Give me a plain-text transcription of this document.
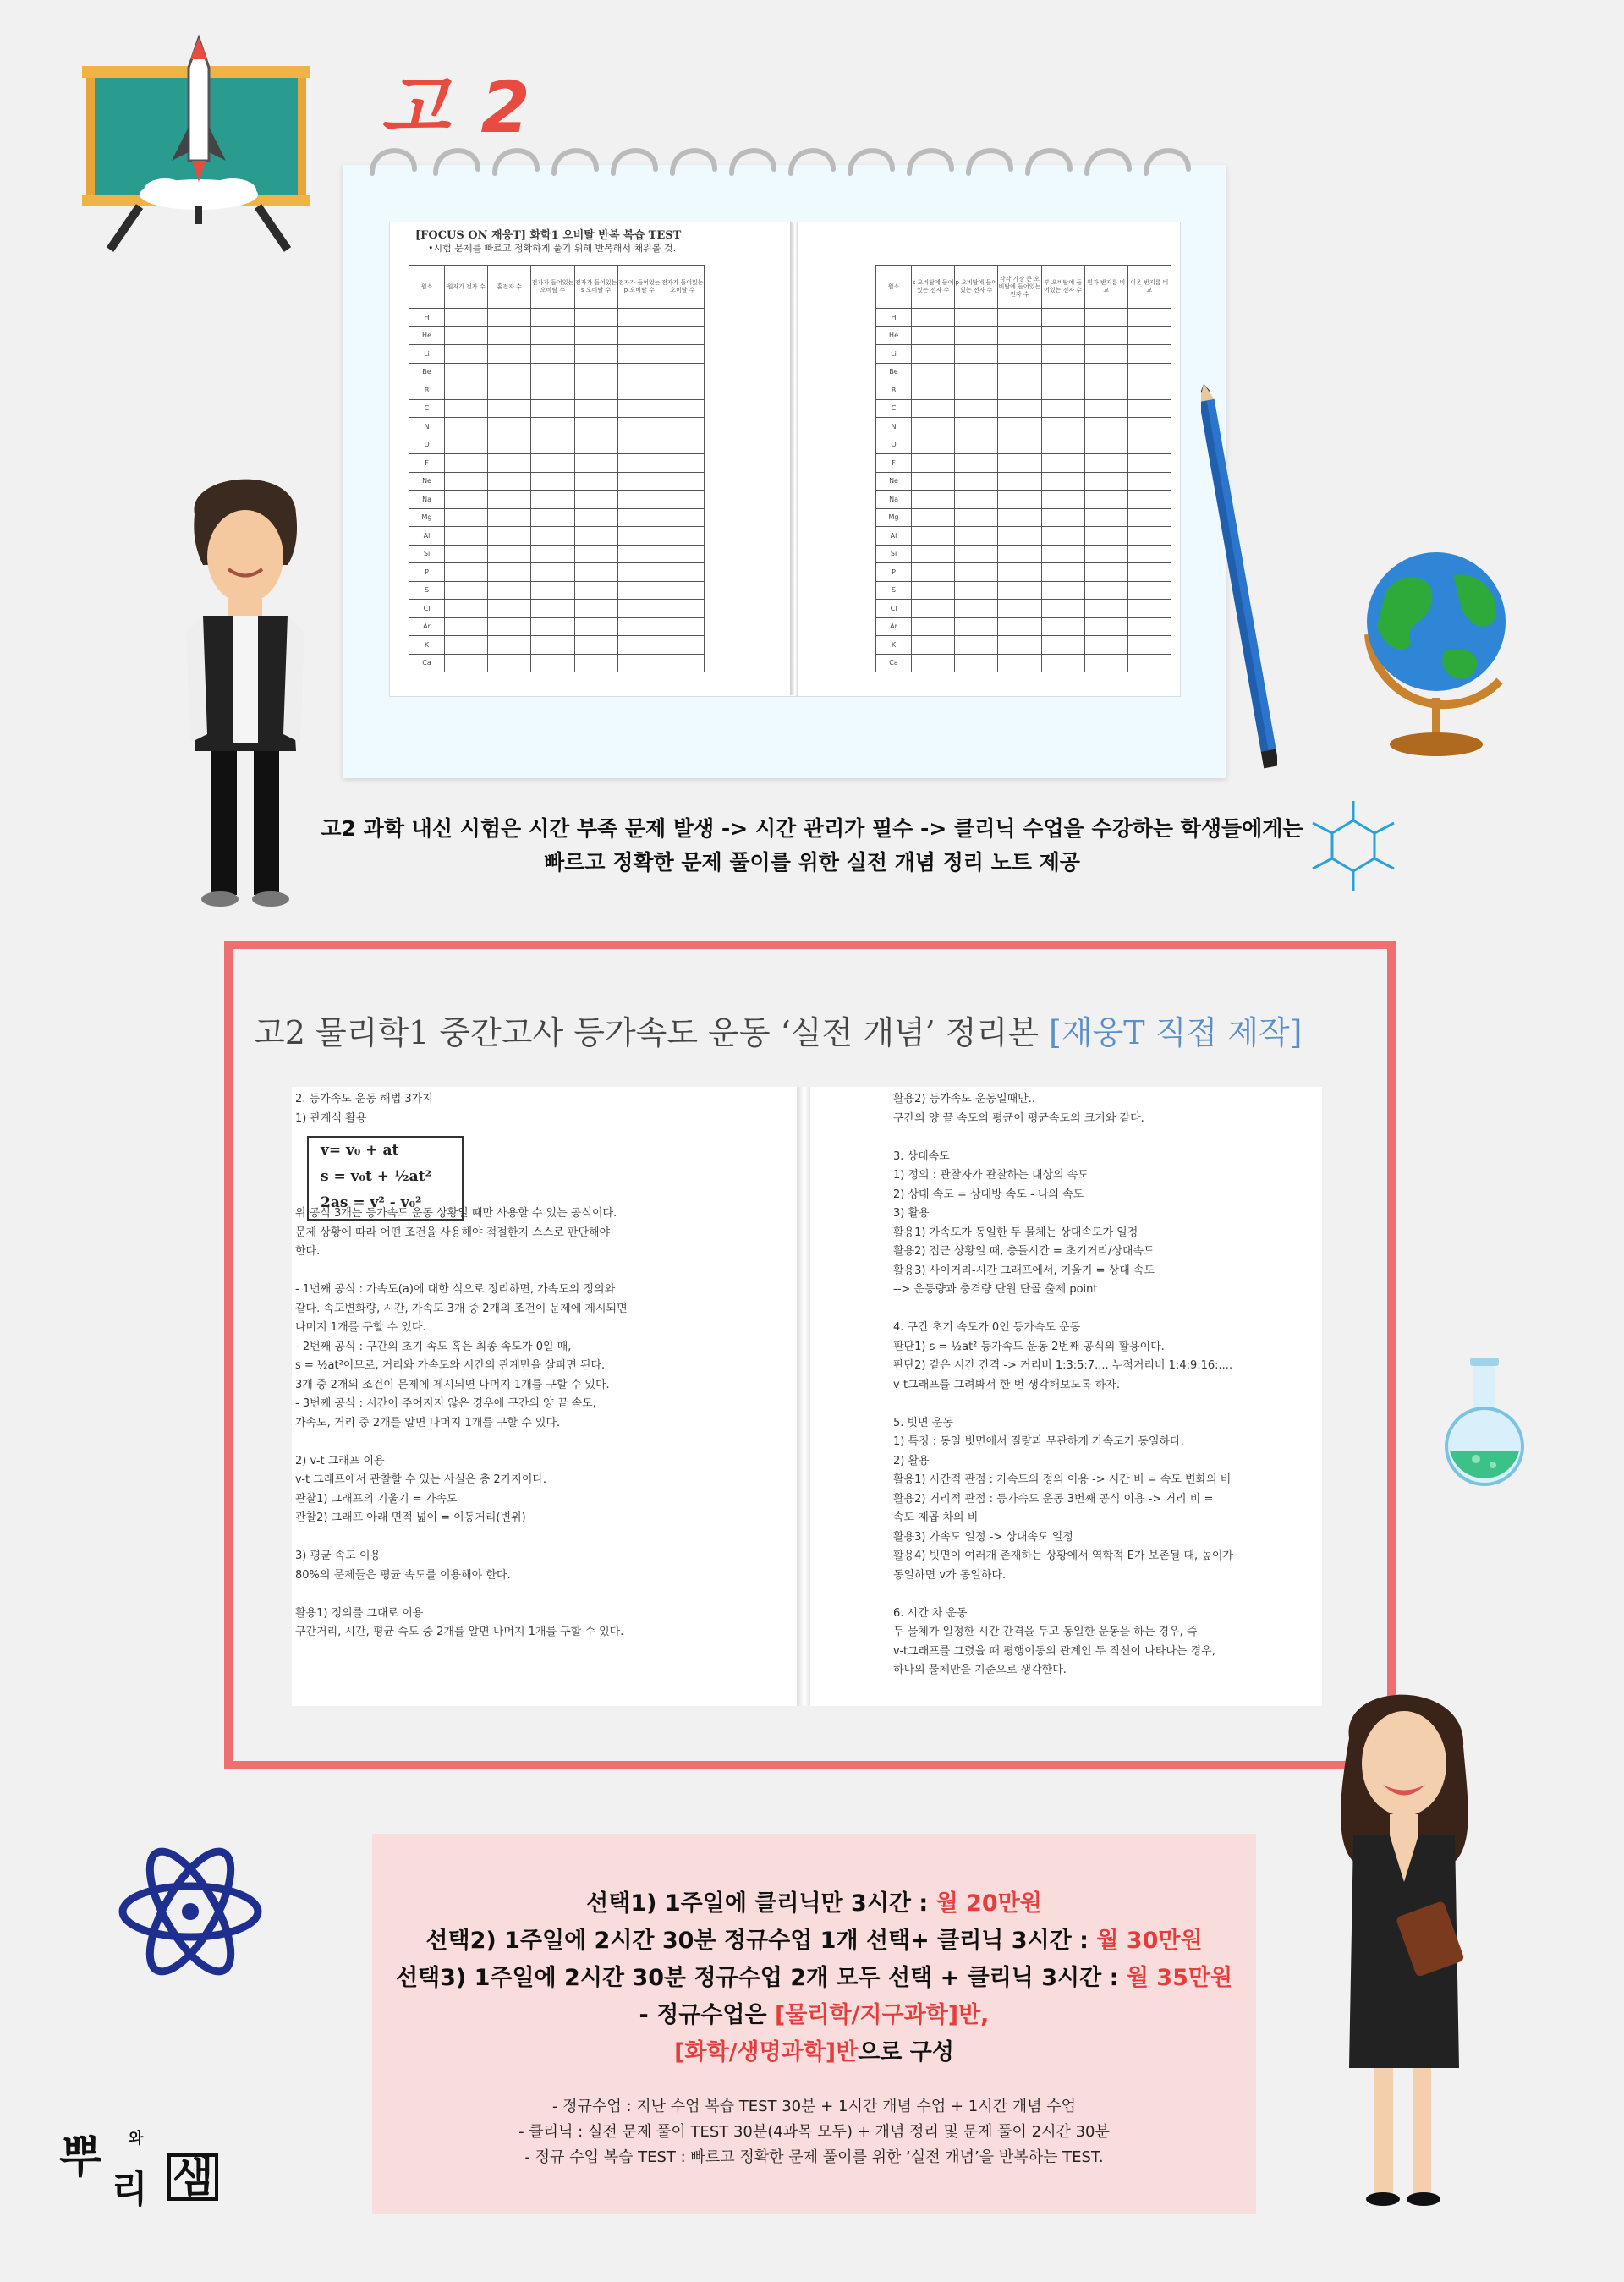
고 2
[FOCUS ON 재웅T] 화학1 오비탈 반복 복습 TEST
•시험 문제를 빠르고 정확하게 풀기 위해 반복해서 채워볼 것.
원소	원자가 전자 수	홀전자 수	전자가 들어있는 오비탈 수	전자가 들어있는 s 오비탈 수	전자가 들어있는 p 오비탈 수	전자가 들어있는 오비탈 수
H						
He						
Li						
Be						
B						
C						
N						
O						
F						
Ne						
Na						
Mg						
Al						
Si						
P						
S						
Cl						
Ar						
K						
Ca						
원소	s 오비탈에 들어있는 전자 수	p 오비탈에 들어있는 전자 수	각각 가장 큰 오비탈에 들어있는 전자 수	부 오비탈에 들어있는 전자 수	원자 반지름 비교	이온 반지름 비교
H						
He						
Li						
Be						
B						
C						
N						
O						
F						
Ne						
Na						
Mg						
Al						
Si						
P						
S						
Cl						
Ar						
K						
Ca						
고2 과학 내신 시험은 시간 부족 문제 발생 -> 시간 관리가 필수 -> 클리닉 수업을 수강하는 학생들에게는
빠르고 정확한 문제 풀이를 위한 실전 개념 정리 노트 제공
고2 물리학1 중간고사 등가속도 운동 ‘실전 개념’ 정리본 [재웅T 직접 제작]
v= v₀ + at
s = v₀t + ½at²
2as = v² - v₀²
2. 등가속도 운동 해법 3가지
1) 관계식 활용

위 공식 3개는 등가속도 운동 상황일 때만 사용할 수 있는 공식이다.
문제 상황에 따라 어떤 조건을 사용해야 적절한지 스스로 판단해야
한다.

- 1번째 공식 : 가속도(a)에 대한 식으로 정리하면, 가속도의 정의와
같다. 속도변화량, 시간, 가속도 3개 중 2개의 조건이 문제에 제시되면
나머지 1개를 구할 수 있다.
- 2번째 공식 : 구간의 초기 속도 혹은 최종 속도가 0일 때,
s = ½at²이므로, 거리와 가속도와 시간의 관계만을 살피면 된다.
3개 중 2개의 조건이 문제에 제시되면 나머지 1개를 구할 수 있다.
- 3번째 공식 : 시간이 주어지지 않은 경우에 구간의 양 끝 속도,
가속도, 거리 중 2개를 알면 나머지 1개를 구할 수 있다.

2) v-t 그래프 이용
v-t 그래프에서 관찰할 수 있는 사실은 총 2가지이다.
관찰1) 그래프의 기울기 = 가속도
관찰2) 그래프 아래 면적 넓이 = 이동거리(변위)

3) 평균 속도 이용
80%의 문제들은 평균 속도를 이용해야 한다.

활용1) 정의를 그대로 이용
구간거리, 시간, 평균 속도 중 2개를 알면 나머지 1개를 구할 수 있다.
활용2) 등가속도 운동일때만..
구간의 양 끝 속도의 평균이 평균속도의 크기와 같다.

3. 상대속도
1) 정의 : 관찰자가 관찰하는 대상의 속도
2) 상대 속도 = 상대방 속도 - 나의 속도
3) 활용
활용1) 가속도가 동일한 두 물체는 상대속도가 일정
활용2) 접근 상황일 때, 충돌시간 = 초기거리/상대속도
활용3) 사이거리-시간 그래프에서, 기울기 = 상대 속도
--> 운동량과 충격량 단원 단골 출제 point

4. 구간 초기 속도가 0인 등가속도 운동
판단1) s = ½at² 등가속도 운동 2번째 공식의 활용이다.
판단2) 같은 시간 간격 -> 거리비 1:3:5:7.... 누적거리비 1:4:9:16:....
v-t그래프를 그려봐서 한 번 생각해보도록 하자.

5. 빗면 운동
1) 특징 : 동일 빗면에서 질량과 무관하게 가속도가 동일하다.
2) 활용
활용1) 시간적 관점 : 가속도의 정의 이용 -> 시간 비 = 속도 변화의 비
활용2) 거리적 관점 : 등가속도 운동 3번째 공식 이용 -> 거리 비 =
속도 제곱 차의 비
활용3) 가속도 일정 -> 상대속도 일정
활용4) 빗면이 여러개 존재하는 상황에서 역학적 E가 보존될 때, 높이가
동일하면 v가 동일하다.

6. 시간 차 운동
두 물체가 일정한 시간 간격을 두고 동일한 운동을 하는 경우, 즉
v-t그래프를 그렸을 때 평행이동의 관계인 두 직선이 나타나는 경우,
하나의 물체만을 기준으로 생각한다.
선택1) 1주일에 클리닉만 3시간 : 월 20만원
선택2) 1주일에 2시간 30분 정규수업 1개 선택+ 클리닉 3시간 : 월 30만원
선택3) 1주일에 2시간 30분 정규수업 2개 모두 선택 + 클리닉 3시간 : 월 35만원
- 정규수업은 [물리학/지구과학]반,
[화학/생명과학]반으로 구성
- 정규수업 : 지난 수업 복습 TEST 30분 + 1시간 개념 수업 + 1시간 개념 수업
- 클리닉 : 실전 문제 풀이 TEST 30분(4과목 모두) + 개념 정리 및 문제 풀이 2시간 30분
- 정규 수업 복습 TEST : 빠르고 정확한 문제 풀이를 위한 ‘실전 개념’을 반복하는 TEST.
뿌 와
리 샘
